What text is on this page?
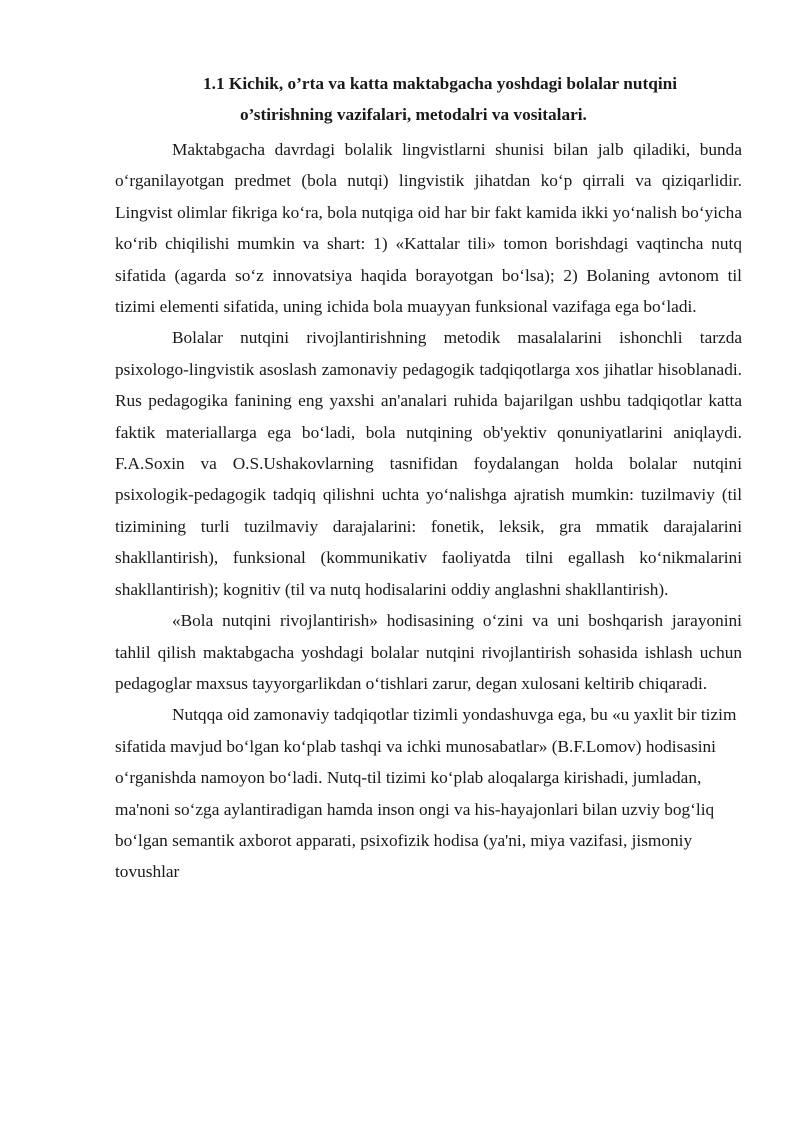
1.1 Kichik, o’rta va katta maktabgacha yoshdagi bolalar nutqini
o’stirishning vazifalari, metodalri va vositalari.

Maktabgacha davrdagi bolalik lingvistlarni shunisi bilan jalb qiladiki, bunda o‘rganilayotgan predmet (bola nutqi) lingvistik jihatdan ko‘p qirrali va qiziqarlidir. Lingvist olimlar fikriga ko‘ra, bola nutqiga oid har bir fakt kamida ikki yo‘nalish bo‘yicha ko‘rib chiqilishi mumkin va shart: 1) «Kattalar tili» tomon borishdagi vaqtincha nutq sifatida (agarda so‘z innovatsiya haqida borayotgan bo‘lsa); 2) Bolaning avtonom til tizimi elementi sifatida, uning ichida bola muayyan funksional vazifaga ega bo‘ladi.

Bolalar nutqini rivojlantirishning metodik masalalarini ishonchli tarzda psixologo-lingvistik asoslash zamonaviy pedagogik tadqiqotlarga xos jihatlar hisoblanadi. Rus pedagogika fanining eng yaxshi an'analari ruhida bajarilgan ushbu tadqiqotlar katta faktik materiallarga ega bo‘ladi, bola nutqining ob'yektiv qonuniyatlarini aniqlaydi. F.A.Soxin va O.S.Ushakovlarning tasnifidan foydalangan holda bolalar nutqini psixologik-pedagogik tadqiq qilishni uchta yo‘nalishga ajratish mumkin: tuzilmaviy (til tizimining turli tuzilmaviy darajalarini: fonetik, leksik, gra mmatik darajalarini shakllantirish), funksional (kommunikativ faoliyatda tilni egallash ko‘nikmalarini shakllantirish); kognitiv (til va nutq hodisalarini oddiy anglashni shakllantirish).

«Bola nutqini rivojlantirish» hodisasining o‘zini va uni boshqarish jarayonini tahlil qilish maktabgacha yoshdagi bolalar nutqini rivojlantirish sohasida ishlash uchun pedagoglar maxsus tayyorgarlikdan o‘tishlari zarur, degan xulosani keltirib chiqaradi.

Nutqqa oid zamonaviy tadqiqotlar tizimli yondashuvga ega, bu «u yaxlit bir tizim sifatida mavjud bo‘lgan ko‘plab tashqi va ichki munosabatlar» (B.F.Lomov) hodisasini o‘rganishda namoyon bo‘ladi. Nutq-til tizimi ko‘plab aloqalarga kirishadi, jumladan, ma'noni so‘zga aylantiradigan hamda inson ongi va his-hayajonlari bilan uzviy bog‘liq bo‘lgan semantik axborot apparati, psixofizik hodisa (ya'ni, miya vazifasi, jismoniy tovushlar
